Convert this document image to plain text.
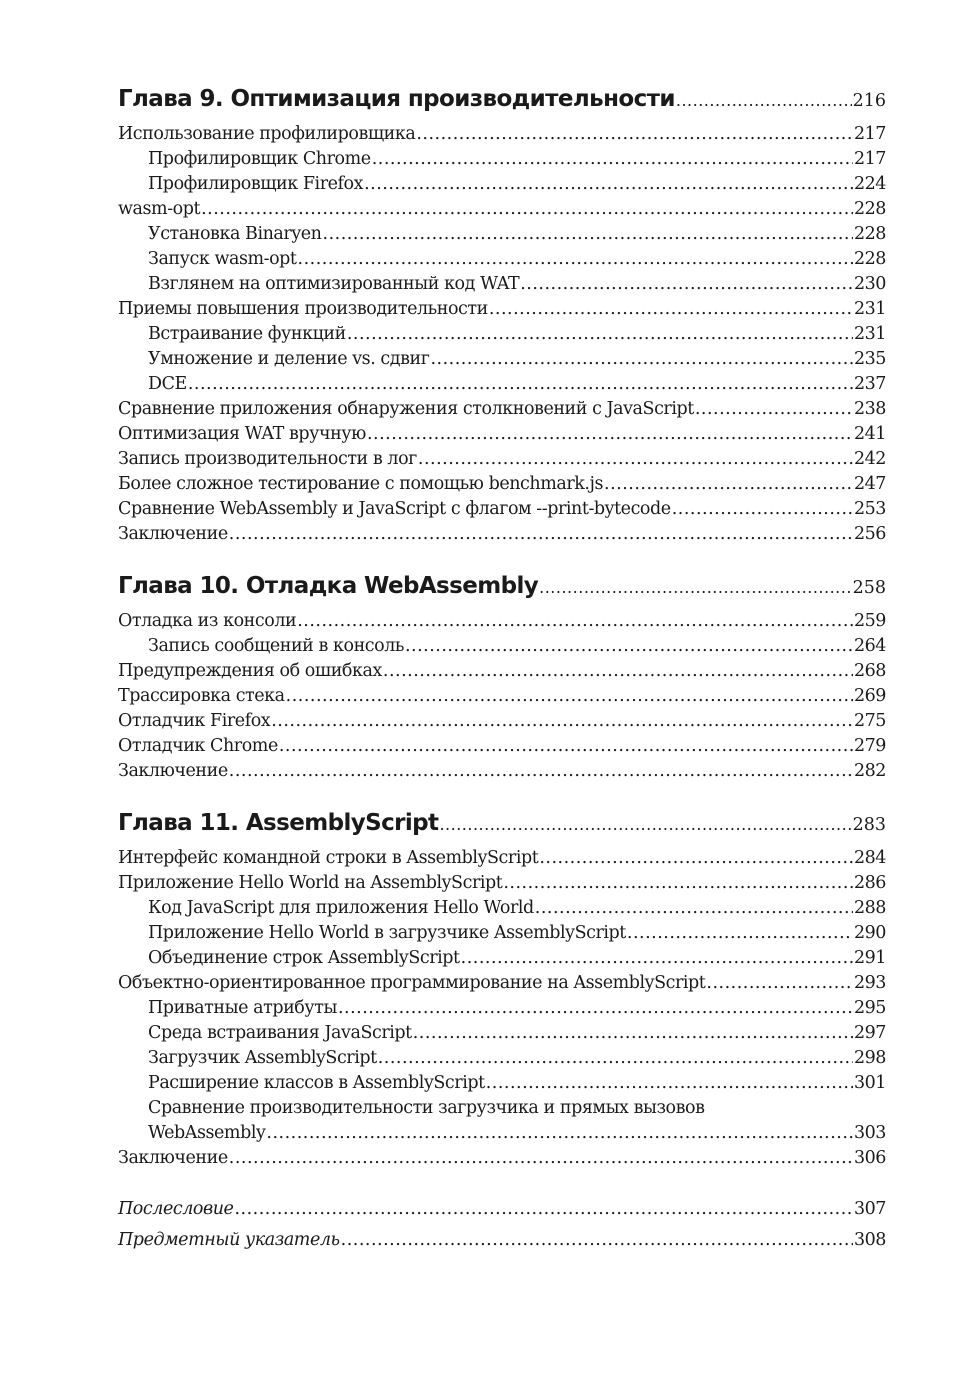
Глава 9. Оптимизация производительности .....	216
Использование профилировщика .....	217
Профилировщик Chrome .....	217
Профилировщик Firefox .....	224
wasm-opt .....	228
Установка Binaryen .....	228
Запуск wasm-opt .....	228
Взглянем на оптимизированный код WAT .....	230
Приемы повышения производительности .....	231
Встраивание функций .....	231
Умножение и деление vs. сдвиг .....	235
DCE .....	237
Сравнение приложения обнаружения столкновений с JavaScript .....	238
Оптимизация WAT вручную .....	241
Запись производительности в лог .....	242
Более сложное тестирование с помощью benchmark.js .....	247
Сравнение WebAssembly и JavaScript с флагом --print-bytecode .....	253
Заключение .....	256
Глава 10. Отладка WebAssembly .....	258
Отладка из консоли .....	259
Запись сообщений в консоль .....	264
Предупреждения об ошибках .....	268
Трассировка стека .....	269
Отладчик Firefox .....	275
Отладчик Chrome .....	279
Заключение .....	282
Глава 11. AssemblyScript .....	283
Интерфейс командной строки в AssemblyScript .....	284
Приложение Hello World на AssemblyScript .....	286
Код JavaScript для приложения Hello World .....	288
Приложение Hello World в загрузчике AssemblyScript .....	290
Объединение строк AssemblyScript .....	291
Объектно-ориентированное программирование на AssemblyScript .....	293
Приватные атрибуты .....	295
Среда встраивания JavaScript .....	297
Загрузчик AssemblyScript .....	298
Расширение классов в AssemblyScript .....	301
Сравнение производительности загрузчика и прямых вызовов
WebAssembly .....	303
Заключение .....	306
Послесловие .....	307
Предметный указатель .....	308
